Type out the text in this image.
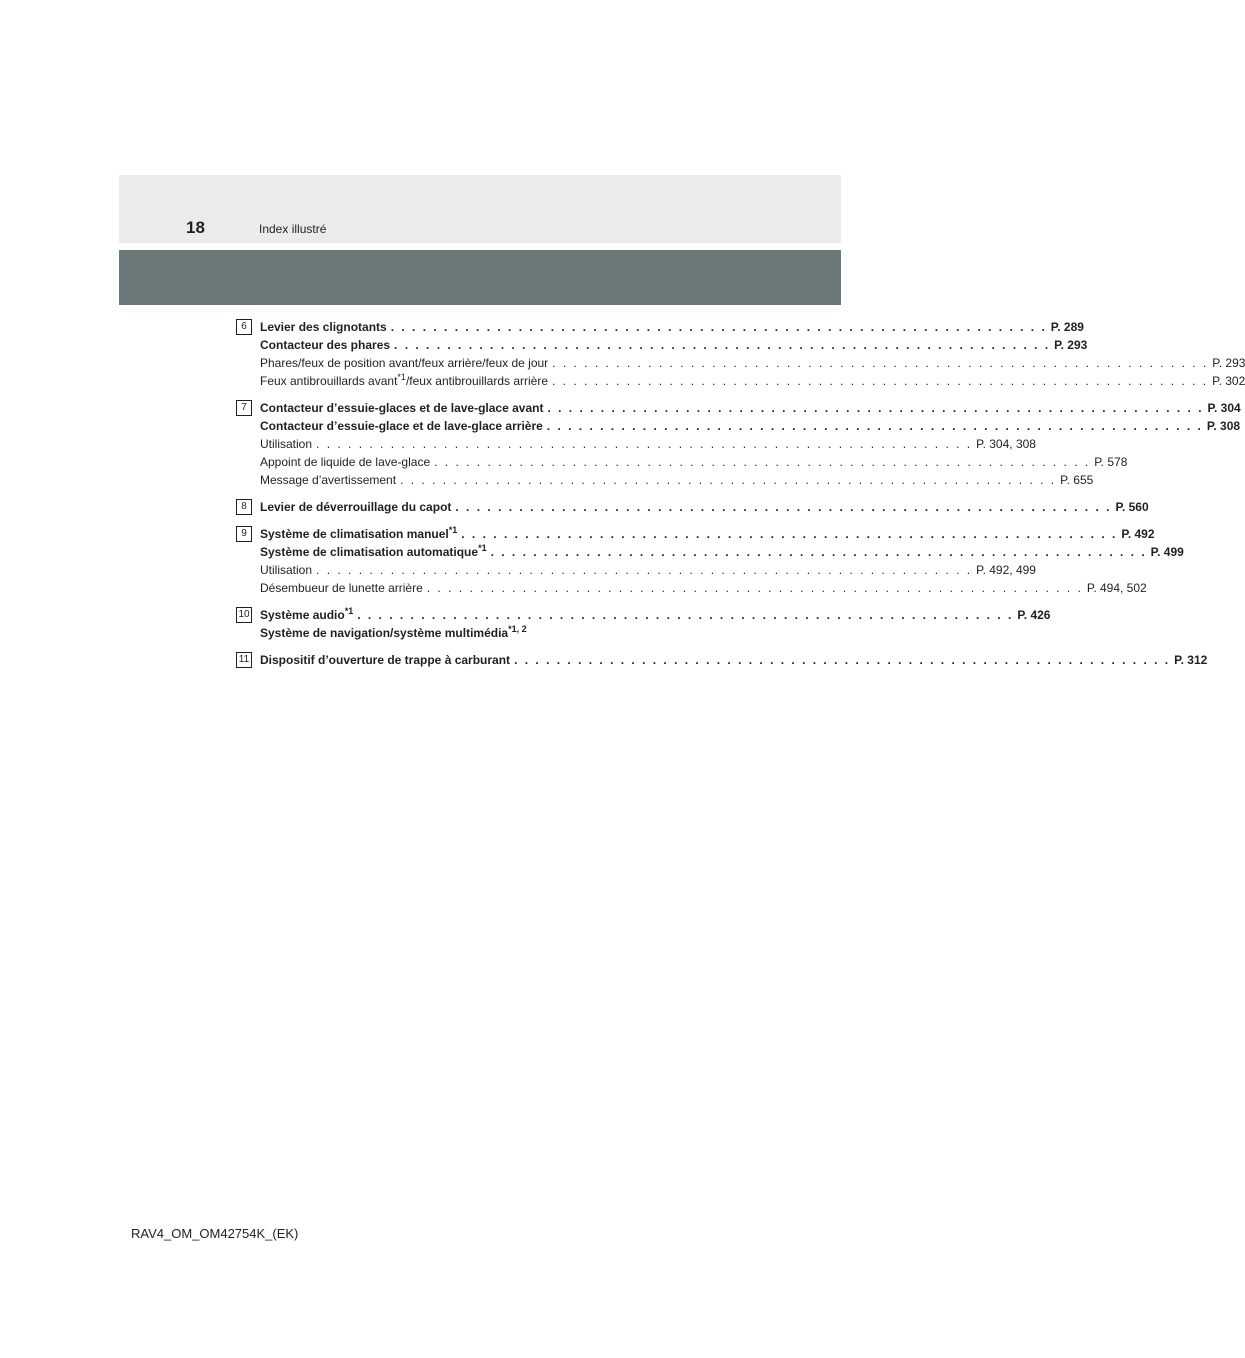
18	Index illustré
6	Levier des clignotants . . . . . . . . . . . . . . . . . . . . . . . . . . . . . . . . . . . . . . . . . . . . . . . . . . . . . . . . . . . . . . P. 289
Contacteur des phares . . . . . . . . . . . . . . . . . . . . . . . . . . . . . . . . . . . . . . . . . . . . . . . . . . . . . . . . . . . . . . P. 293
Phares/feux de position avant/feux arrière/feux de jour . . . . . . . . . . . . . . . . . . . . . . . . . . . . . . . . . . . . . . . . . . . . . . . . . . . . . . . . . . . . . . P. 293
Feux antibrouillards avant$^{*1}$/feux antibrouillards arrière . . . . . . . . . . . . . . . . . . . . . . . . . . . . . . . . . . . . . . . . . . . . . . . . . . . . . . . . . . . . . . P. 302
7	Contacteur d’essuie-glaces et de lave-glace avant . . . . . . . . . . . . . . . . . . . . . . . . . . . . . . . . . . . . . . . . . . . . . . . . . . . . . . . . . . . . . . P. 304
Contacteur d’essuie-glace et de lave-glace arrière . . . . . . . . . . . . . . . . . . . . . . . . . . . . . . . . . . . . . . . . . . . . . . . . . . . . . . . . . . . . . . P. 308
Utilisation . . . . . . . . . . . . . . . . . . . . . . . . . . . . . . . . . . . . . . . . . . . . . . . . . . . . . . . . . . . . . . P. 304, 308
Appoint de liquide de lave-glace . . . . . . . . . . . . . . . . . . . . . . . . . . . . . . . . . . . . . . . . . . . . . . . . . . . . . . . . . . . . . . P. 578
Message d’avertissement . . . . . . . . . . . . . . . . . . . . . . . . . . . . . . . . . . . . . . . . . . . . . . . . . . . . . . . . . . . . . . P. 655
8	Levier de déverrouillage du capot . . . . . . . . . . . . . . . . . . . . . . . . . . . . . . . . . . . . . . . . . . . . . . . . . . . . . . . . . . . . . . P. 560
9	Système de climatisation manuel$^{*1}$ . . . . . . . . . . . . . . . . . . . . . . . . . . . . . . . . . . . . . . . . . . . . . . . . . . . . . . . . . . . . . . P. 492
Système de climatisation automatique$^{*1}$ . . . . . . . . . . . . . . . . . . . . . . . . . . . . . . . . . . . . . . . . . . . . . . . . . . . . . . . . . . . . . . P. 499
Utilisation . . . . . . . . . . . . . . . . . . . . . . . . . . . . . . . . . . . . . . . . . . . . . . . . . . . . . . . . . . . . . . P. 492, 499
Désembueur de lunette arrière . . . . . . . . . . . . . . . . . . . . . . . . . . . . . . . . . . . . . . . . . . . . . . . . . . . . . . . . . . . . . . P. 494, 502
10 Système audio$^{*1}$ . . . . . . . . . . . . . . . . . . . . . . . . . . . . . . . . . . . . . . . . . . . . . . . . . . . . . . . . . . . . . . P. 426
Système de navigation/système multimédia$^{*1, 2}$
11 Dispositif d’ouverture de trappe à carburant . . . . . . . . . . . . . . . . . . . . . . . . . . . . . . . . . . . . . . . . . . . . . . . . . . . . . . . . . . . . . . P. 312
RAV4_OM_OM42754K_(EK)
